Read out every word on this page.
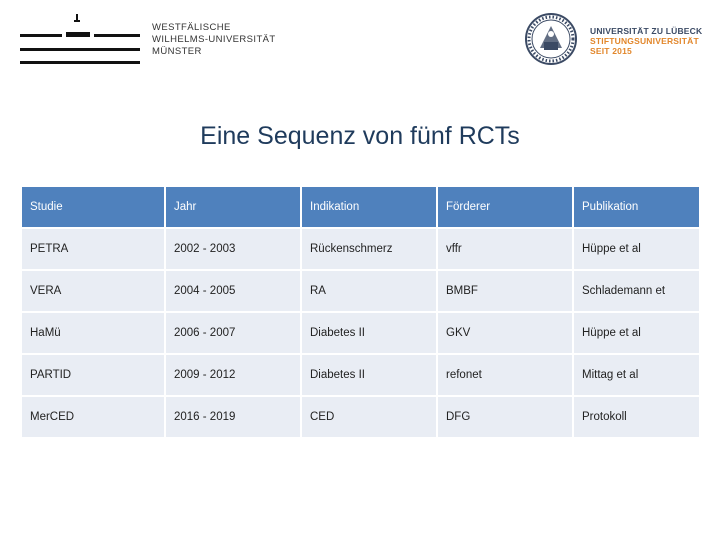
WESTFÄLISCHE
WILHELMS-UNIVERSITÄT
MÜNSTER
UNIVERSITÄT ZU LÜBECK
STIFTUNGSUNIVERSITÄT
SEIT 2015
Eine Sequenz von fünf RCTs
Studie	Jahr	Indikation	Förderer	Publikation
PETRA	2002 - 2003	Rückenschmerz	vffr	Hüppe et al
VERA	2004 - 2005	RA	BMBF	Schlademann et
HaMü	2006 - 2007	Diabetes II	GKV	Hüppe et al
PARTID	2009 - 2012	Diabetes II	refonet	Mittag et al
MerCED	2016 - 2019	CED	DFG	Protokoll
